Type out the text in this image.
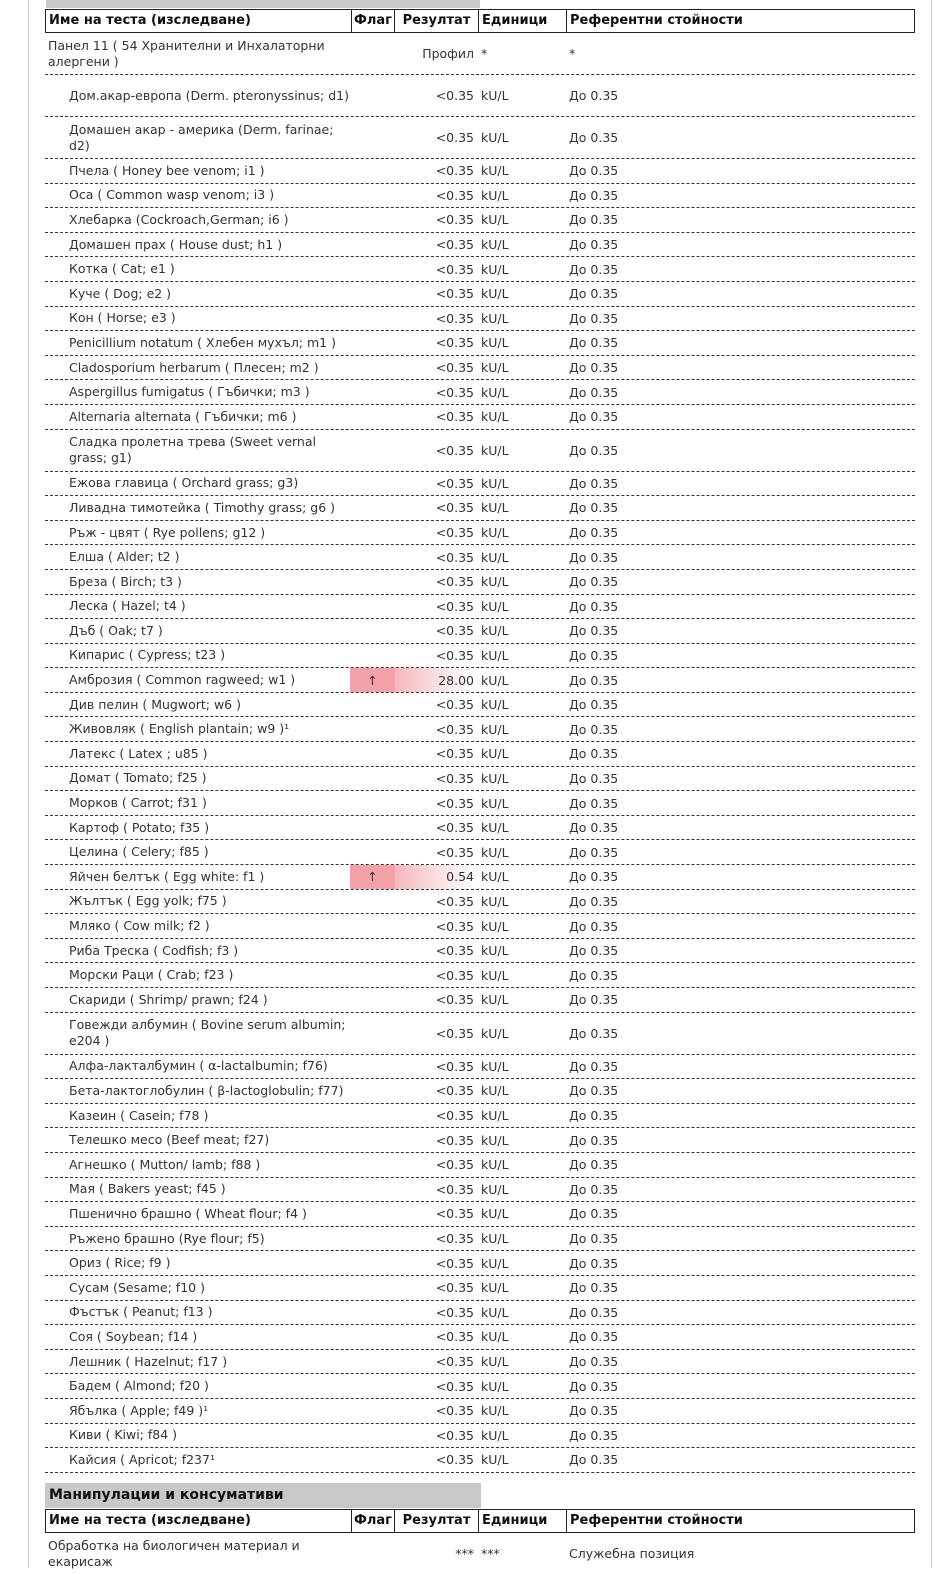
Име на теста (изследване)	Флаг Резултат Единици	Референтни стойности
Панел 11 ( 54 Хранителни и Инхалаторни алергени )	Профил *	*
Дом.акар-европа (Derm. pteronyssinus; d1)	<0.35 kU/L	До 0.35
Домашен акар - америка (Derm. farinae; d2)	<0.35 kU/L	До 0.35
Пчела ( Honey bee venom; i1 )	<0.35 kU/L	До 0.35
Оса ( Common wasp venom; i3 )	<0.35 kU/L	До 0.35
Хлебарка (Cockroach,German; i6 )	<0.35 kU/L	До 0.35
Домашен прах ( House dust; h1 )	<0.35 kU/L	До 0.35
Котка ( Cat; e1 )	<0.35 kU/L	До 0.35
Куче ( Dog; e2 )	<0.35 kU/L	До 0.35
Кон ( Horse; e3 )	<0.35 kU/L	До 0.35
Penicillium notatum ( Хлебен мухъл; m1 )	<0.35 kU/L	До 0.35
Cladosporium herbarum ( Плесен; m2 )	<0.35 kU/L	До 0.35
Aspergillus fumigatus ( Гъбички; m3 )	<0.35 kU/L	До 0.35
Alternaria alternata ( Гъбички; m6 )	<0.35 kU/L	До 0.35
Сладка пролетна трева (Sweet vernal grass; g1)	<0.35 kU/L	До 0.35
Ежова главица ( Orchard grass; g3)	<0.35 kU/L	До 0.35
Ливадна тимотейка ( Timothy grass; g6 )	<0.35 kU/L	До 0.35
Ръж - цвят ( Rye pollens; g12 )	<0.35 kU/L	До 0.35
Елша ( Alder; t2 )	<0.35 kU/L	До 0.35
Бреза ( Birch; t3 )	<0.35 kU/L	До 0.35
Леска ( Hazel; t4 )	<0.35 kU/L	До 0.35
Дъб ( Oak; t7 )	<0.35 kU/L	До 0.35
Кипарис ( Cypress; t23 )	<0.35 kU/L	До 0.35
Амброзия ( Common ragweed; w1 )	↑	28.00 kU/L	До 0.35
Див пелин ( Mugwort; w6 )	<0.35 kU/L	До 0.35
Живовляк ( English plantain; w9 )¹	<0.35 kU/L	До 0.35
Латекс ( Latex ; u85 )	<0.35 kU/L	До 0.35
Домат ( Tomato; f25 )	<0.35 kU/L	До 0.35
Морков ( Carrot; f31 )	<0.35 kU/L	До 0.35
Картоф ( Potato; f35 )	<0.35 kU/L	До 0.35
Целина ( Celery; f85 )	<0.35 kU/L	До 0.35
Яйчен белтък ( Egg white: f1 )	↑	0.54 kU/L	До 0.35
Жълтък ( Egg yolk; f75 )	<0.35 kU/L	До 0.35
Мляко ( Cow milk; f2 )	<0.35 kU/L	До 0.35
Риба Треска ( Codfish; f3 )	<0.35 kU/L	До 0.35
Морски Раци ( Crab; f23 )	<0.35 kU/L	До 0.35
Скариди ( Shrimp/ prawn; f24 )	<0.35 kU/L	До 0.35
Говежди албумин ( Bovine serum albumin; e204 )	<0.35 kU/L	До 0.35
Алфа-лакталбумин ( α-lactalbumin; f76)	<0.35 kU/L	До 0.35
Бета-лактоглобулин ( β-lactoglobulin; f77)	<0.35 kU/L	До 0.35
Казеин ( Casein; f78 )	<0.35 kU/L	До 0.35
Телешко месо (Beef meat; f27)	<0.35 kU/L	До 0.35
Агнешко ( Mutton/ lamb; f88 )	<0.35 kU/L	До 0.35
Мая ( Bakers yeast; f45 )	<0.35 kU/L	До 0.35
Пшенично брашно ( Wheat flour; f4 )	<0.35 kU/L	До 0.35
Ръжено брашно (Rye flour; f5)	<0.35 kU/L	До 0.35
Ориз ( Rice; f9 )	<0.35 kU/L	До 0.35
Сусам (Sesame; f10 )	<0.35 kU/L	До 0.35
Фъстък ( Peanut; f13 )	<0.35 kU/L	До 0.35
Соя ( Soybean; f14 )	<0.35 kU/L	До 0.35
Лешник ( Hazelnut; f17 )	<0.35 kU/L	До 0.35
Бадем ( Almond; f20 )	<0.35 kU/L	До 0.35
Ябълка ( Apple; f49 )¹	<0.35 kU/L	До 0.35
Киви ( Kiwi; f84 )	<0.35 kU/L	До 0.35
Кайсия ( Apricot; f237¹	<0.35 kU/L	До 0.35
Манипулации и консумативи
Име на теста (изследване)	Флаг Резултат Единици	Референтни стойности
Обработка на биологичен материал и екарисаж	*** ***	Служебна позиция
